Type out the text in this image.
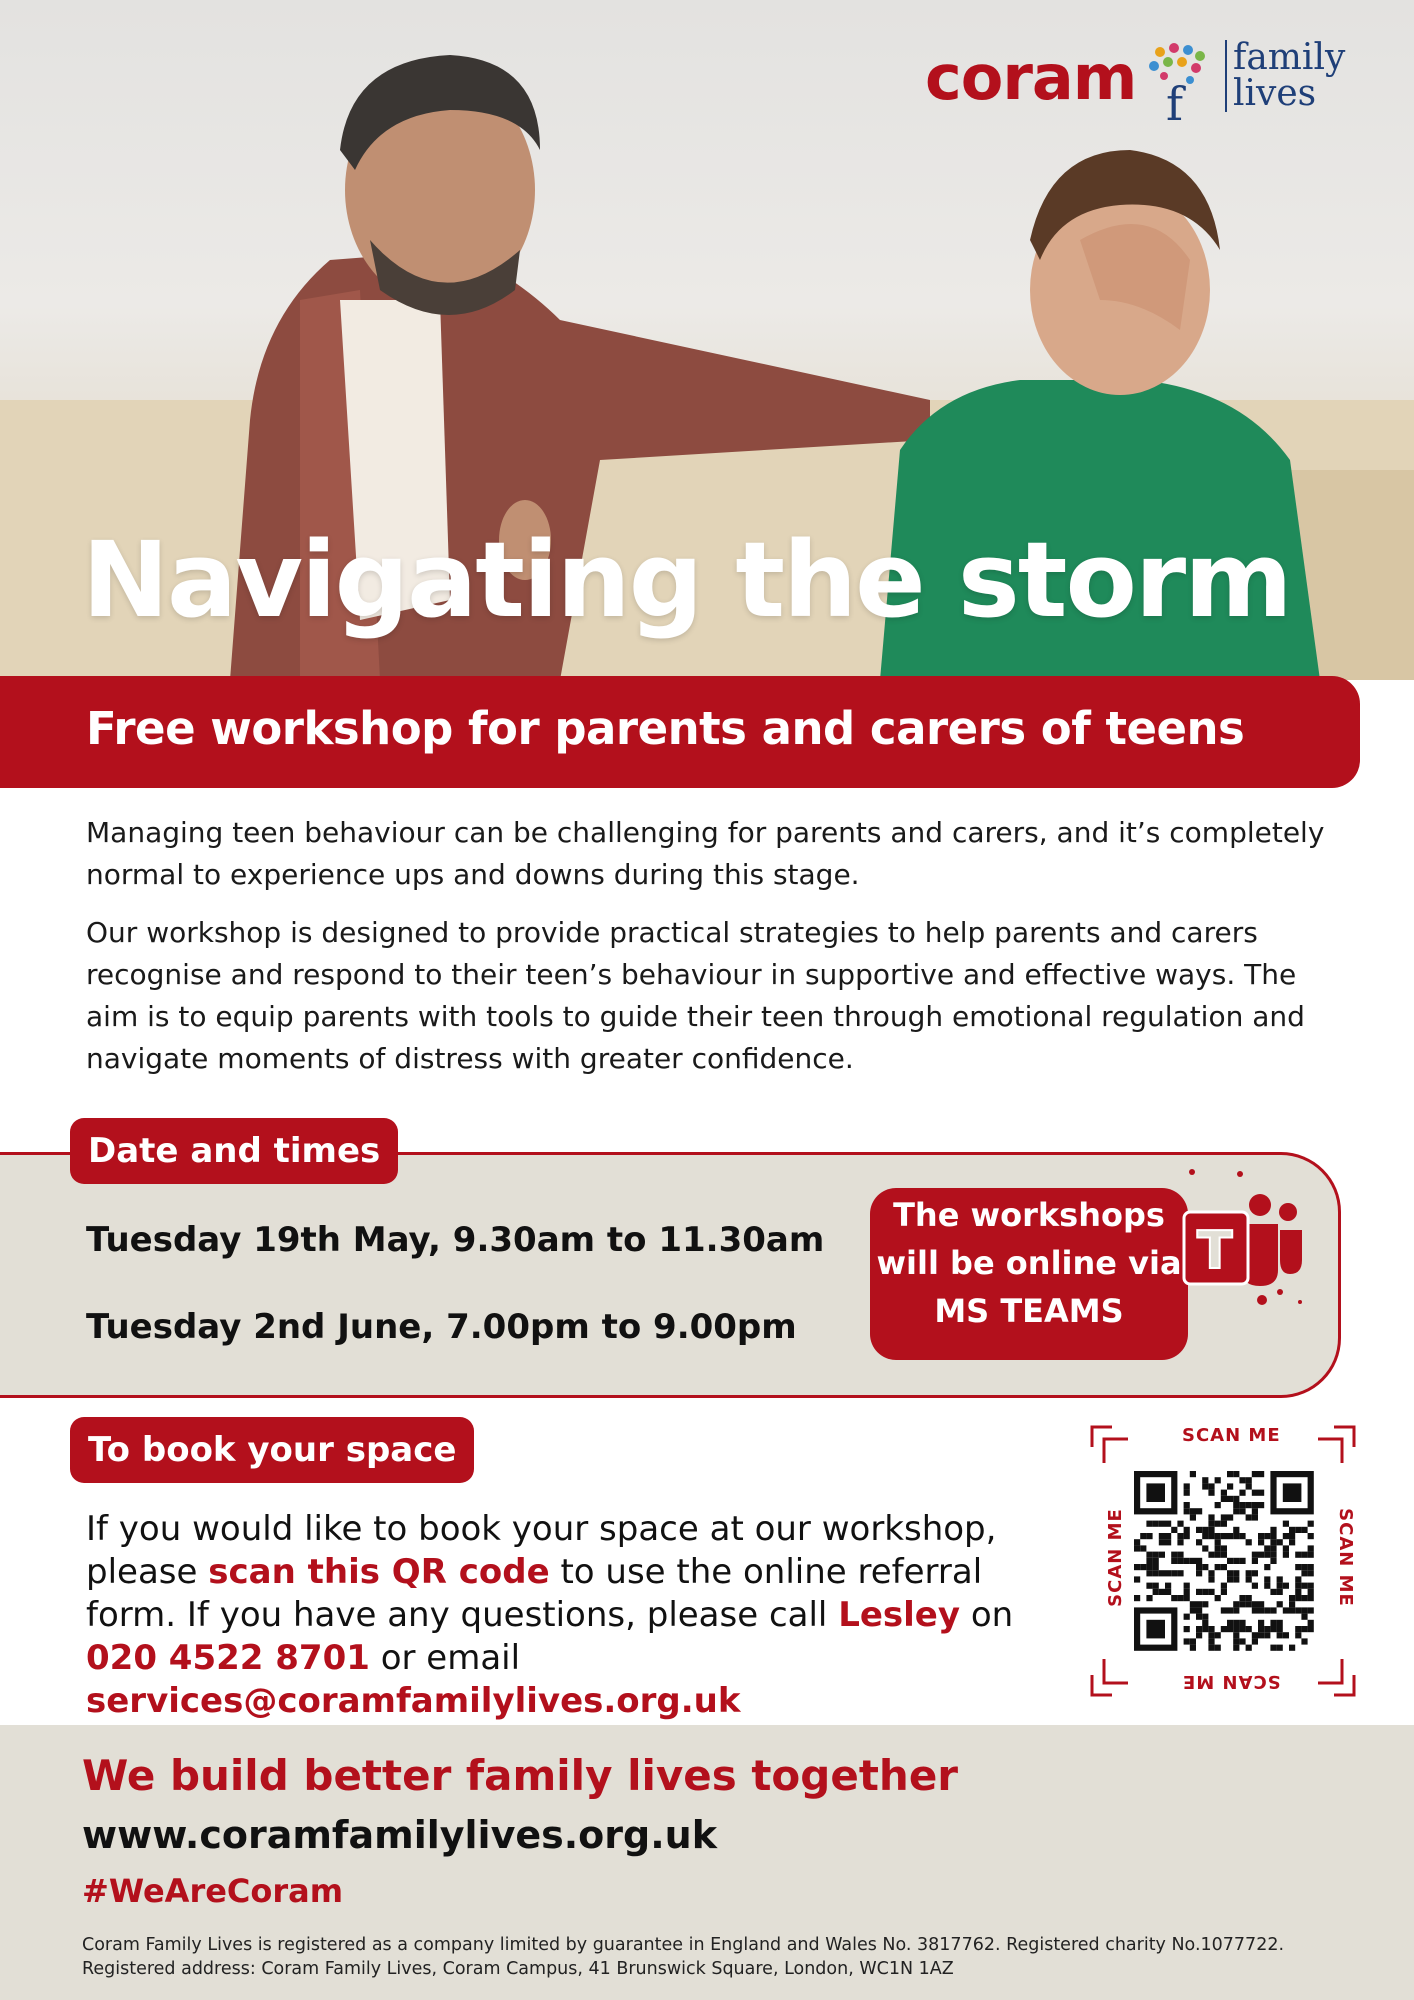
coram f
family
lives
Navigating the storm
Free workshop for parents and carers of teens

Managing teen behaviour can be challenging for parents and carers, and it’s completely normal to experience ups and downs during this stage.

Our workshop is designed to provide practical strategies to help parents and carers recognise and respond to their teen’s behaviour in supportive and effective ways. The aim is to equip parents with tools to guide their teen through emotional regulation and navigate moments of distress with greater confidence.

Date and times
Tuesday 19th May, 9.30am to 11.30am
Tuesday 2nd June, 7.00pm to 9.00pm
The workshops
will be online via
MS TEAMS
T
To book your space
If you would like to book your space at our workshop, please scan this QR code to use the online referral form. If you have any questions, please call Lesley on 020 4522 8701 or email services@coramfamilylives.org.uk
SCAN ME
SCAN ME
SCAN ME	SCAN ME
We build better family lives together
www.coramfamilylives.org.uk
#WeAreCoram
Coram Family Lives is registered as a company limited by guarantee in England and Wales No. 3817762. Registered charity No.1077722.
Registered address: Coram Family Lives, Coram Campus, 41 Brunswick Square, London, WC1N 1AZ
